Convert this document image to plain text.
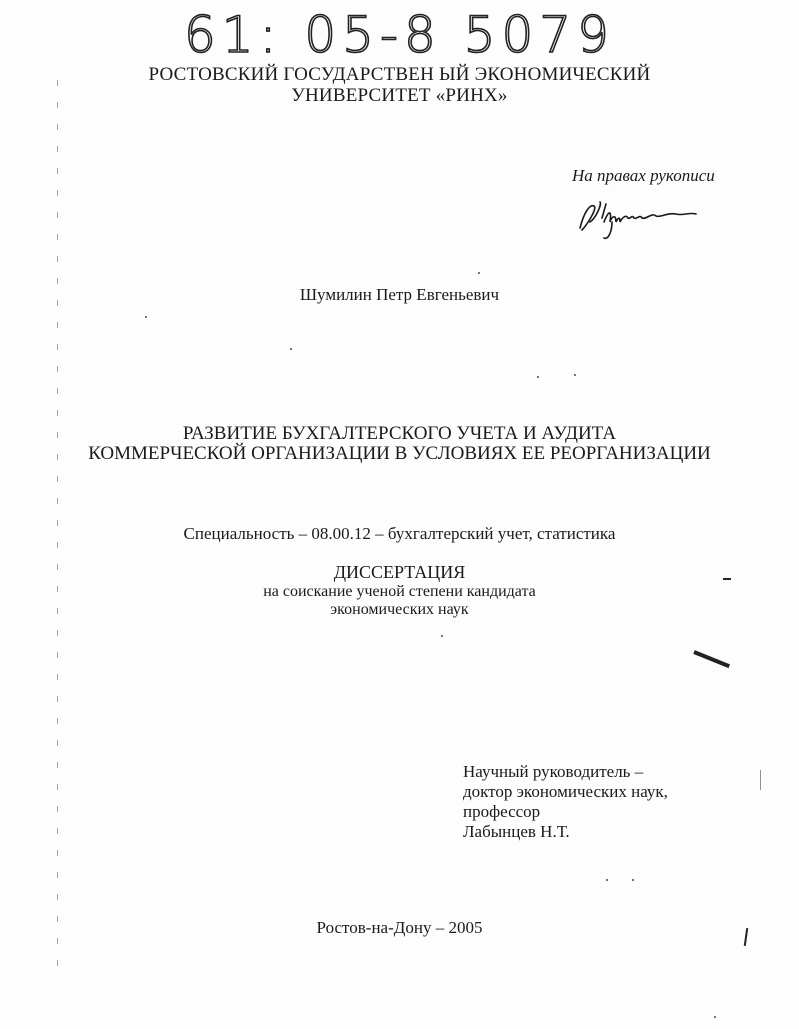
61: 05-8 5079
РОСТОВСКИЙ ГОСУДАРСТВЕН ЫЙ ЭКОНОМИЧЕСКИЙ
УНИВЕРСИТЕТ «РИНХ»
На правах рукописи
Шумилин Петр Евгеньевич
РАЗВИТИЕ БУХГАЛТЕРСКОГО УЧЕТА И АУДИТА
КОММЕРЧЕСКОЙ ОРГАНИЗАЦИИ В УСЛОВИЯХ ЕЕ РЕОРГАНИЗАЦИИ
Специальность – 08.00.12 – бухгалтерский учет, статистика
ДИССЕРТАЦИЯ
на соискание ученой степени кандидата
экономических наук
Научный руководитель –
доктор экономических наук,
профессор
Лабынцев Н.Т.
Ростов-на-Дону – 2005
